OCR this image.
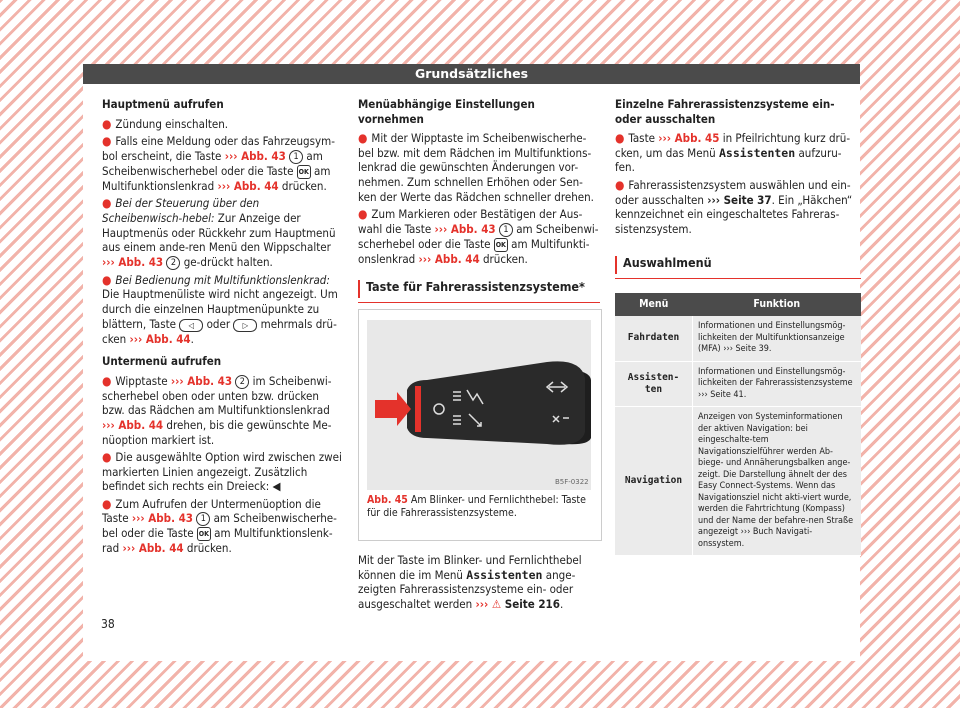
Grundsätzliches
Hauptmenü aufrufen

● Zündung einschalten.

● Falls eine Meldung oder das Fahrzeugsym-bol erscheint, die Taste ››› Abb. 43 1 am Scheibenwischerhebel oder die Taste OK am Multifunktionslenkrad ››› Abb. 44 drücken.

● Bei der Steuerung über den Scheibenwisch-hebel: Zur Anzeige der Hauptmenüs oder Rückkehr zum Hauptmenü aus einem ande-ren Menü den Wippschalter ››› Abb. 43 2 ge-drückt halten.

● Bei Bedienung mit Multifunktionslenkrad: Die Hauptmenüliste wird nicht angezeigt. Um durch die einzelnen Hauptmenüpunkte zu blättern, Taste ◁ oder ▷ mehrmals drü-cken ››› Abb. 44.

Untermenü aufrufen

● Wipptaste ››› Abb. 43 2 im Scheibenwi-scherhebel oben oder unten bzw. drücken bzw. das Rädchen am Multifunktionslenkrad ››› Abb. 44 drehen, bis die gewünschte Me-nüoption markiert ist.

● Die ausgewählte Option wird zwischen zwei markierten Linien angezeigt. Zusätzlich befindet sich rechts ein Dreieck: ◀

● Zum Aufrufen der Untermenüoption die Taste ››› Abb. 43 1 am Scheibenwischerhe-bel oder die Taste OK am Multifunktionslenk-rad ››› Abb. 44 drücken.

38
Menüabhängige Einstellungen vornehmen

● Mit der Wipptaste im Scheibenwischerhe-bel bzw. mit dem Rädchen im Multifunktions-lenkrad die gewünschten Änderungen vor-nehmen. Zum schnellen Erhöhen oder Sen-ken der Werte das Rädchen schneller drehen.

● Zum Markieren oder Bestätigen der Aus-wahl die Taste ››› Abb. 43 1 am Scheibenwi-scherhebel oder die Taste OK am Multifunkti-onslenkrad ››› Abb. 44 drücken.

Taste für Fahrerassistenzsysteme*
B5F-0322
Abb. 45 Am Blinker- und Fernlichthebel: Taste für die Fahrerassistenzsysteme.

Mit der Taste im Blinker- und Fernlichthebel können die im Menü Assistenten ange-zeigten Fahrerassistenzsysteme ein- oder ausgeschaltet werden ››› ⚠ Seite 216.

Einzelne Fahrerassistenzsysteme ein- oder ausschalten

● Taste ››› Abb. 45 in Pfeilrichtung kurz drü-cken, um das Menü Assistenten aufzuru-fen.

● Fahrerassistenzsystem auswählen und ein- oder ausschalten ››› Seite 37. Ein „Häkchen“ kennzeichnet ein eingeschaltetes Fahreras-sistenzsystem.

Auswahlmenü
Menü	Funktion
Fahrdaten	Informationen und Einstellungsmög-lichkeiten der Multifunktionsanzeige (MFA) ››› Seite 39.
Assisten-ten	Informationen und Einstellungsmög-lichkeiten der Fahrerassistenzsysteme ››› Seite 41.
Navigation	Anzeigen von Systeminformationen der aktiven Navigation: bei eingeschalte-tem Navigationszielführer werden Ab-biege- und Annäherungsbalken ange-zeigt. Die Darstellung ähnelt der des Easy Connect-Systems. Wenn das Navigationsziel nicht akti-viert wurde, werden die Fahrtrichtung (Kompass) und der Name der befahre-nen Straße angezeigt ››› Buch Navigati-onssystem.
